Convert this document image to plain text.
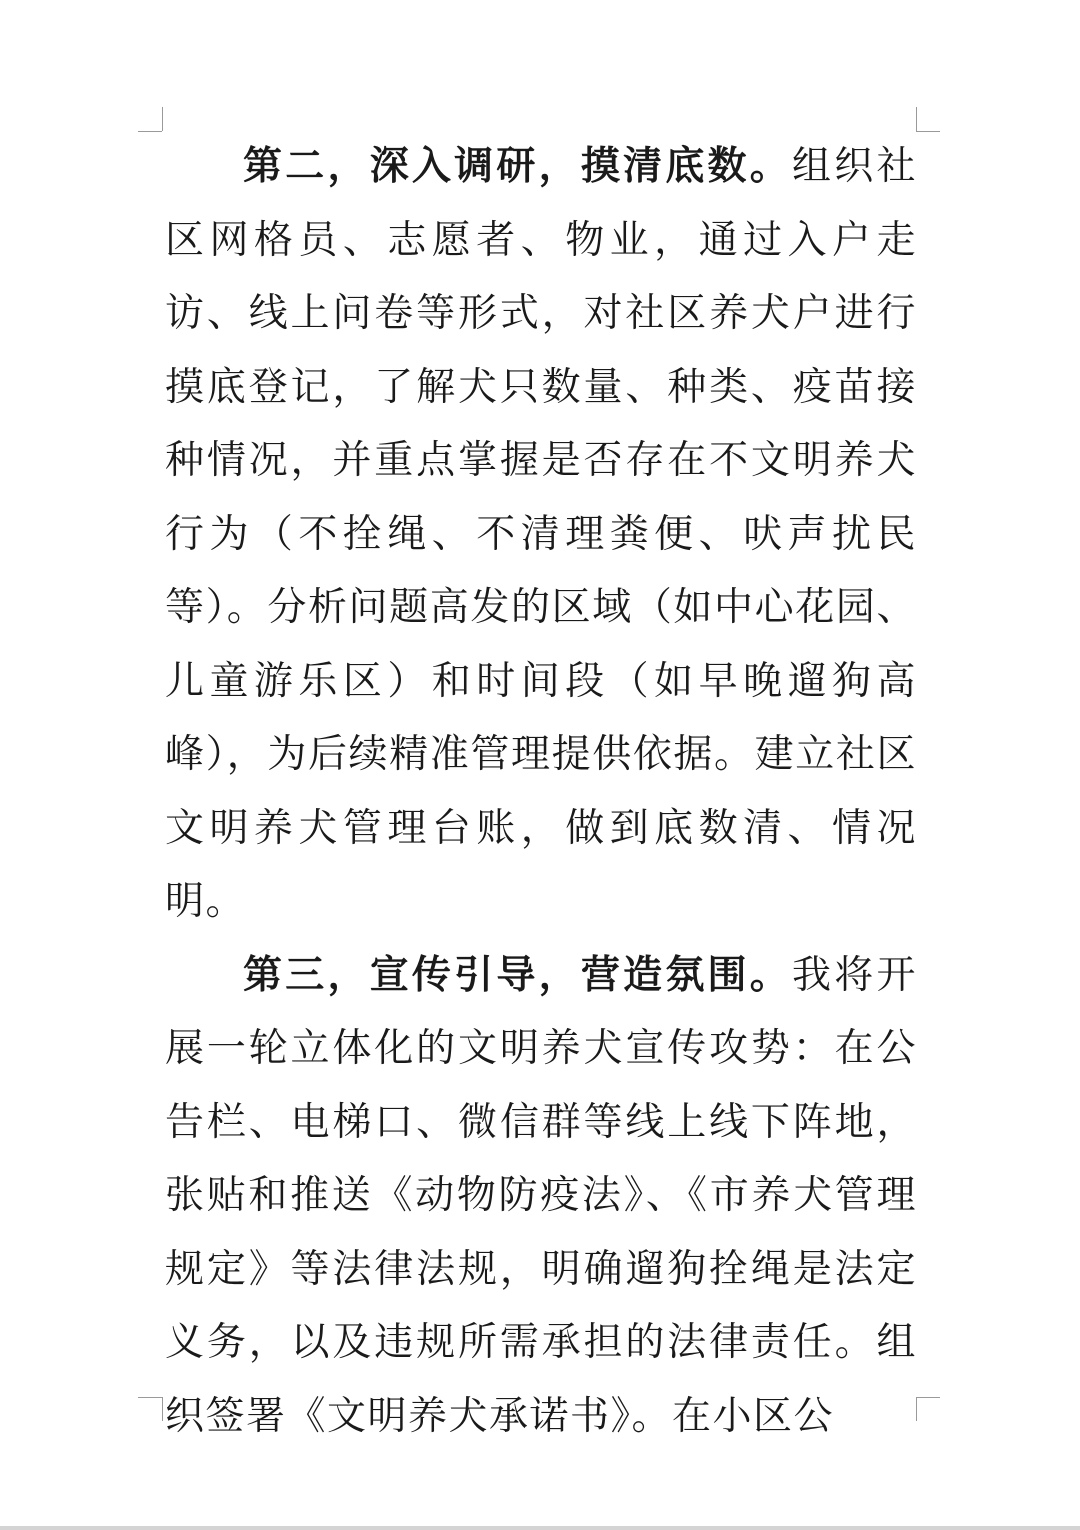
第二，深入调研，摸清底数。组织社区网格员、志愿者、物业，通过入户走访、线上问卷等形式，对社区养犬户进行摸底登记，了解犬只数量、种类、疫苗接种情况，并重点掌握是否存在不文明养犬行为（不拴绳、不清理粪便、吠声扰民等）。分析问题高发的区域（如中心花园、儿童游乐区）和时间段（如早晚遛狗高峰），为后续精准管理提供依据。建立社区文明养犬管理台账，做到底数清、情况明。

第三，宣传引导，营造氛围。我将开展一轮立体化的文明养犬宣传攻势：在公告栏、电梯口、微信群等线上线下阵地，张贴和推送《动物防疫法》、《市养犬管理规定》等法律法规，明确遛狗拴绳是法定义务，以及违规所需承担的法律责任。组织签署《文明养犬承诺书》。在小区公
